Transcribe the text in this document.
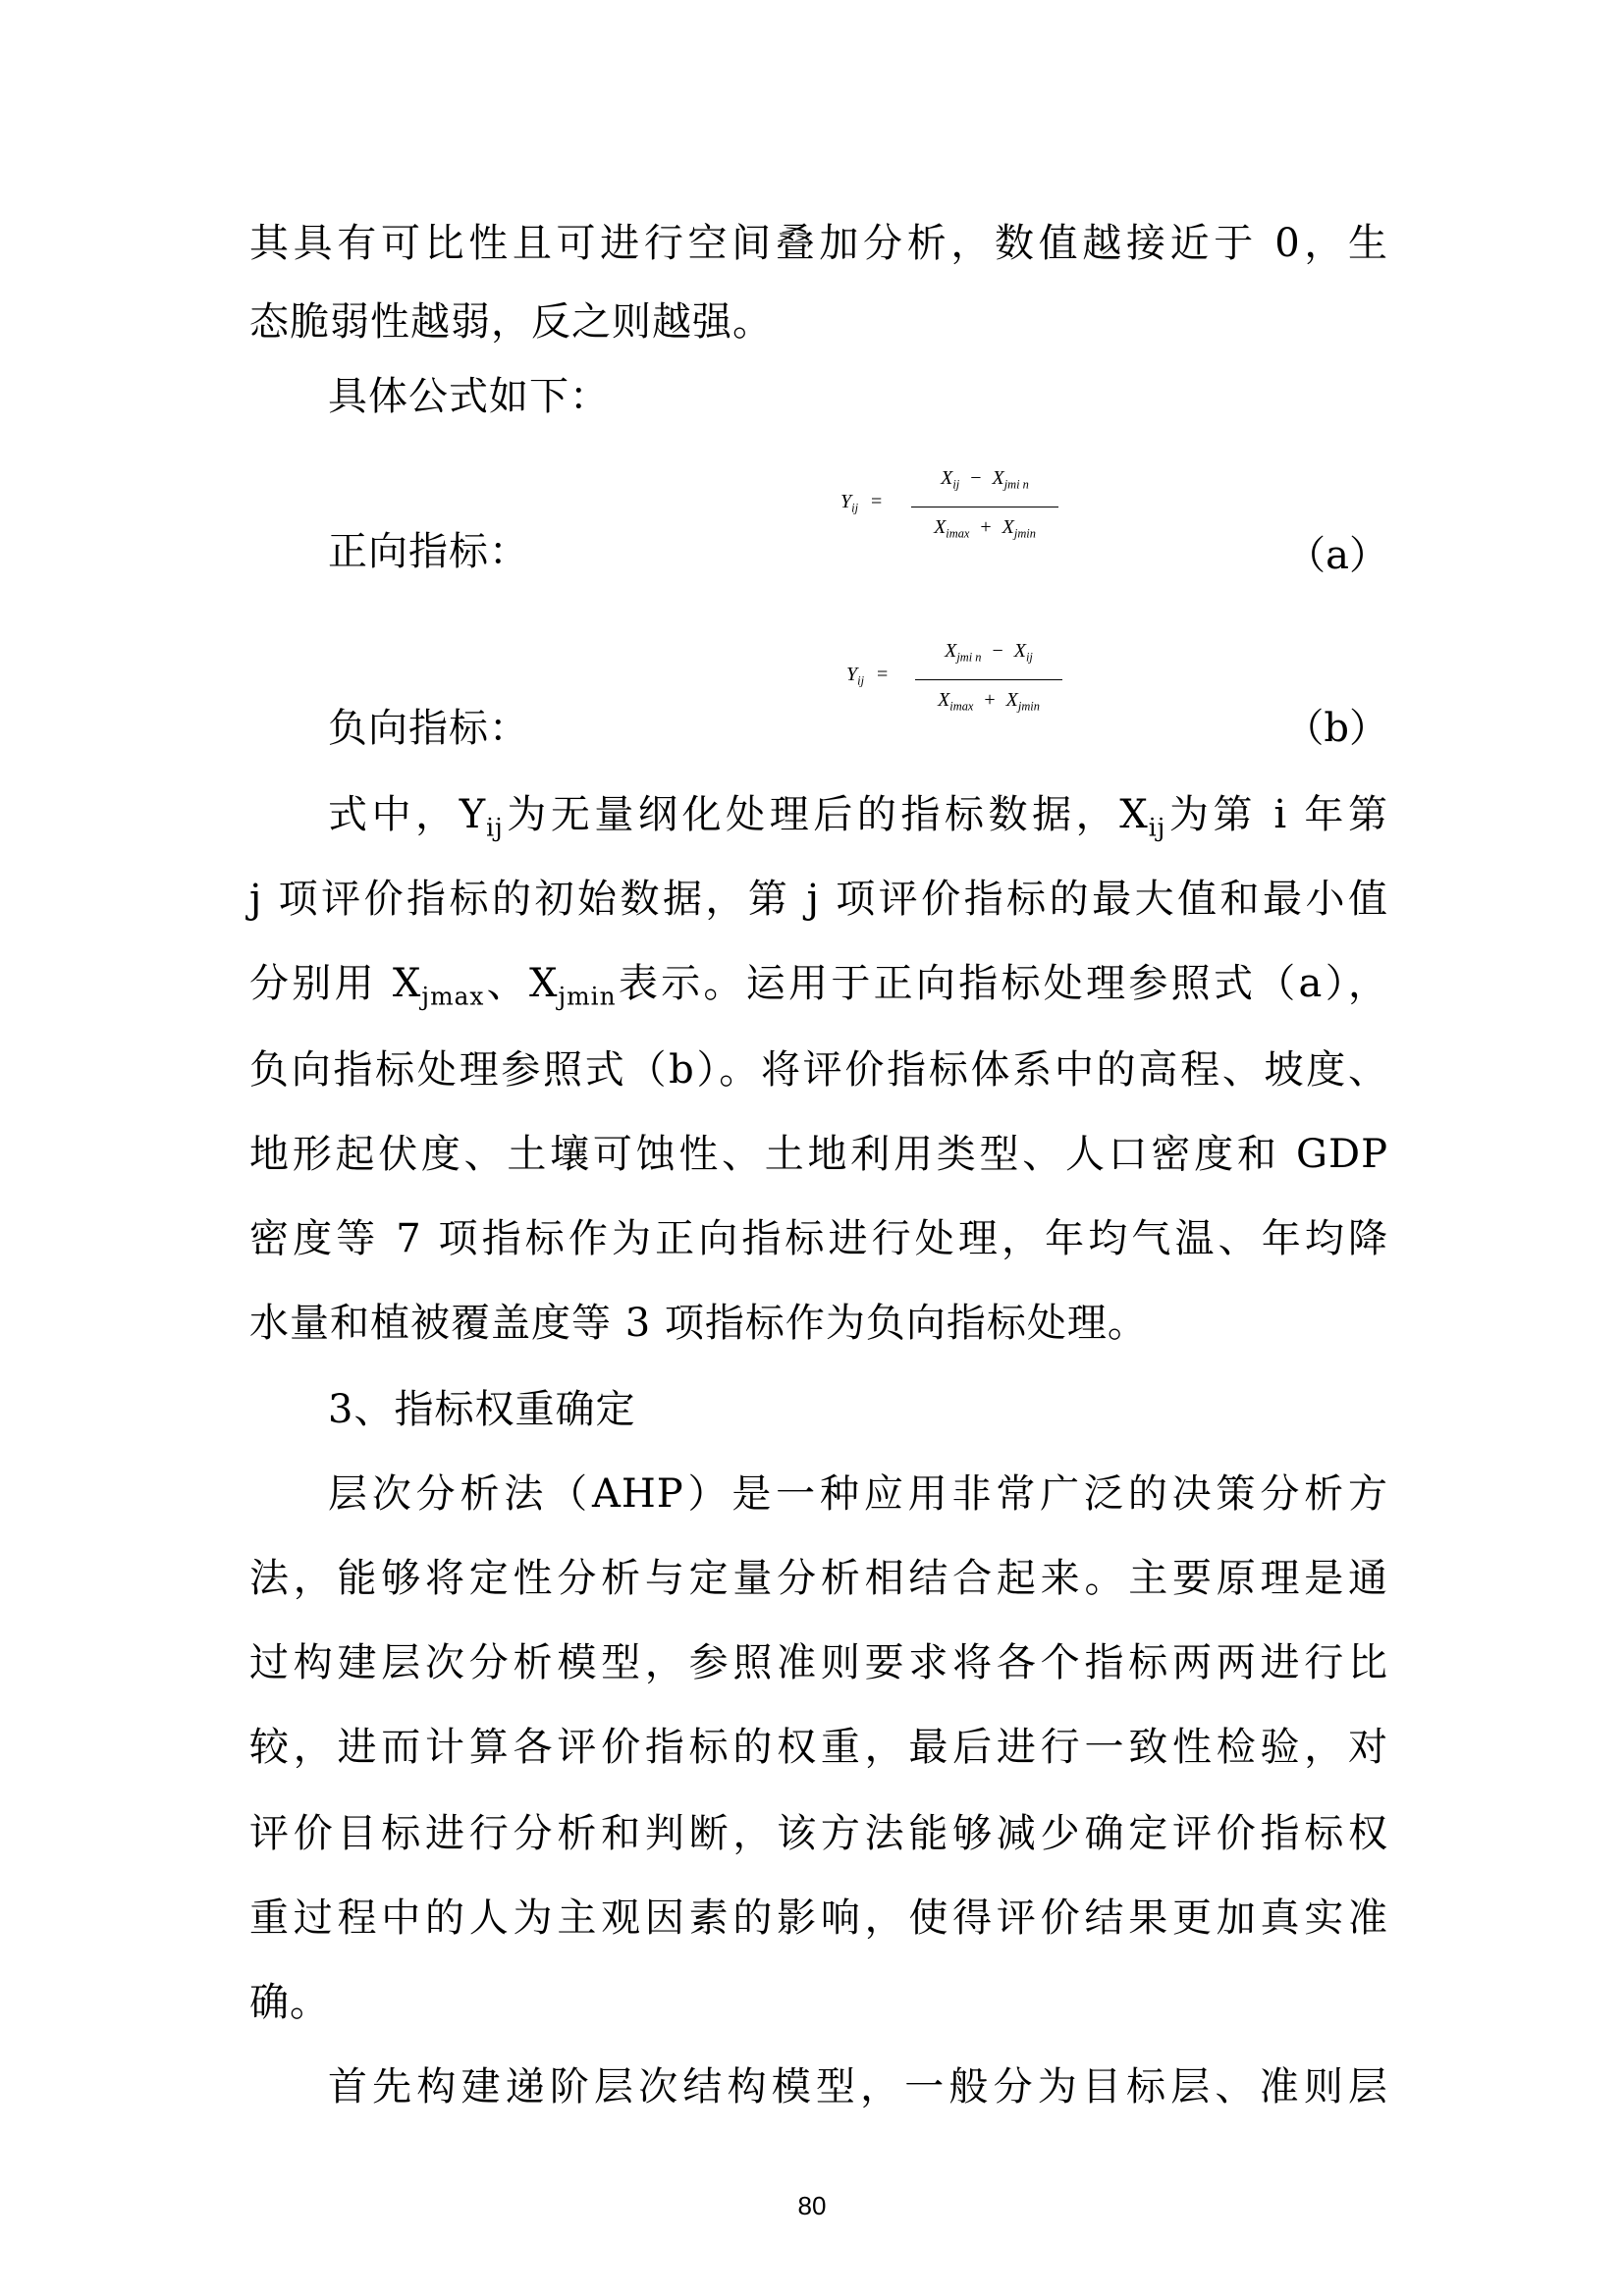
其具有可比性且可进行空间叠加分析，数值越接近于 0，生
态脆弱性越弱，反之则越强。
具体公式如下：
正向指标：
$Y_{ij}$ =
$X_{ij} - X_{jmi n}$
$X_{imax} + X_{jmin}$	（a）
负向指标：
$Y_{ij}$ =
$X_{jmi n} - X_{ij}$
$X_{imax} + X_{jmin}$	（b）
式中，$Y_{ij}$为无量纲化处理后的指标数据，$X_{ij}$为第 i 年第
j 项评价指标的初始数据，第 j 项评价指标的最大值和最小值
分别用 $X_{jmax}$、$X_{jmin}$表示。运用于正向指标处理参照式（a），
负向指标处理参照式（b）。将评价指标体系中的高程、坡度、
地形起伏度、土壤可蚀性、土地利用类型、人口密度和 GDP
密度等 7 项指标作为正向指标进行处理，年均气温、年均降
水量和植被覆盖度等 3 项指标作为负向指标处理。
3、指标权重确定
层次分析法（AHP）是一种应用非常广泛的决策分析方
法，能够将定性分析与定量分析相结合起来。主要原理是通
过构建层次分析模型，参照准则要求将各个指标两两进行比
较，进而计算各评价指标的权重，最后进行一致性检验，对
评价目标进行分析和判断，该方法能够减少确定评价指标权
重过程中的人为主观因素的影响，使得评价结果更加真实准
确。
首先构建递阶层次结构模型，一般分为目标层、准则层
80
